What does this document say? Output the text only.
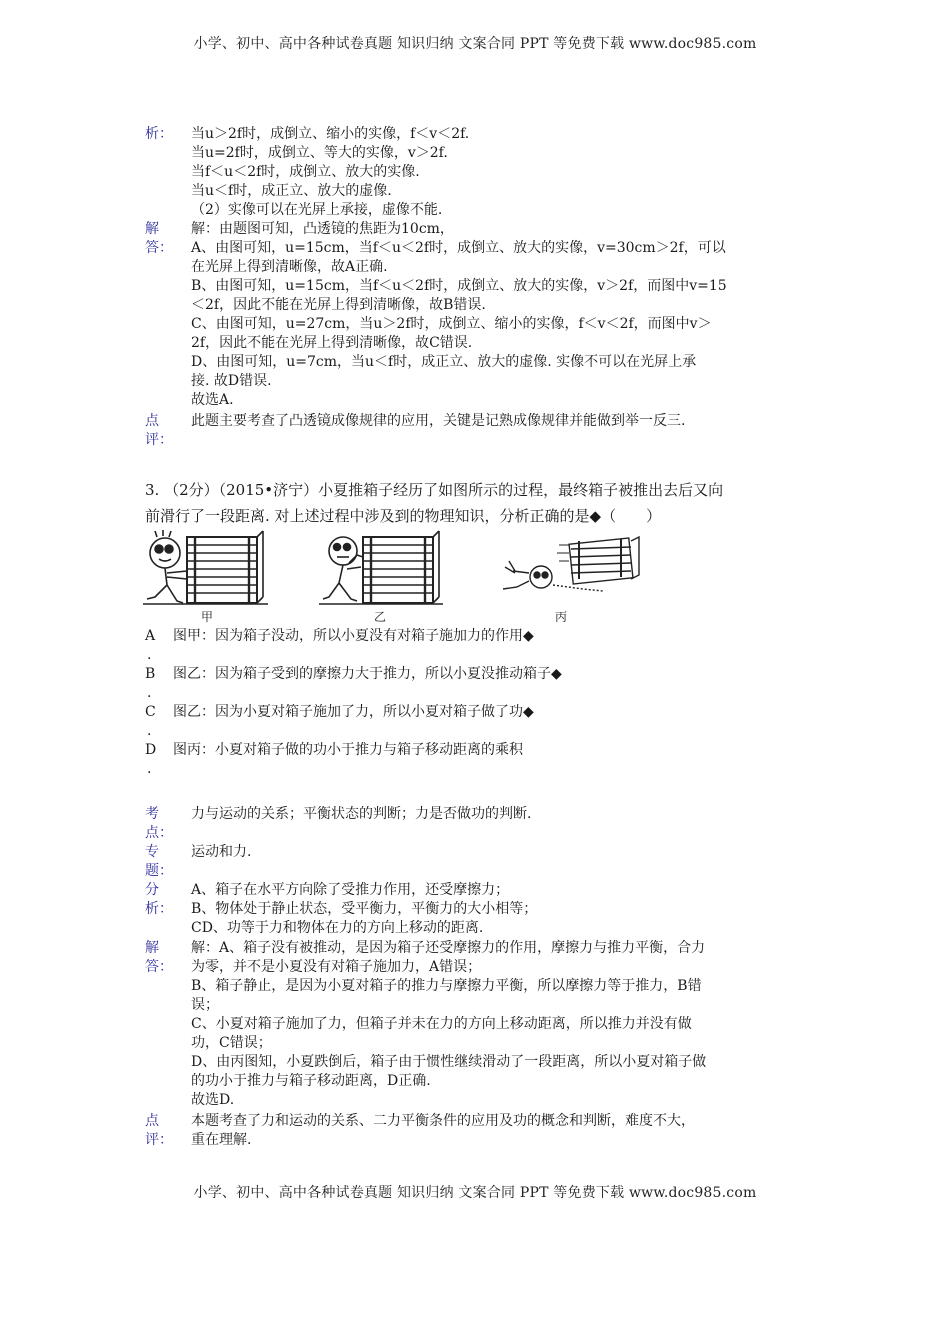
小学、初中、高中各种试卷真题 知识归纳 文案合同 PPT 等免费下载 www.doc985.com
析：	当u＞2f时，成倒立、缩小的实像，f＜v＜2f.

当u=2f时，成倒立、等大的实像，v＞2f.

当f＜u＜2f时，成倒立、放大的实像.

当u＜f时，成正立、放大的虚像.

（2）实像可以在光屏上承接，虚像不能.

解
答：

解：由题图可知，凸透镜的焦距为10cm，

A、由图可知，u=15cm，当f＜u＜2f时，成倒立、放大的实像，v=30cm＞2f，可以

在光屏上得到清晰像，故A正确.

B、由图可知，u=15cm，当f＜u＜2f时，成倒立、放大的实像，v＞2f，而图中v=15

＜2f，因此不能在光屏上得到清晰像，故B错误.

C、由图可知，u=27cm，当u＞2f时，成倒立、缩小的实像，f＜v＜2f，而图中v＞

2f，因此不能在光屏上得到清晰像，故C错误.

D、由图可知，u=7cm，当u＜f时，成正立、放大的虚像. 实像不可以在光屏上承

接. 故D错误.

故选A.

点
评：

此题主要考查了凸透镜成像规律的应用，关键是记熟成像规律并能做到举一反三.

3. （2分）（2015•济宁）小夏推箱子经历了如图所示的过程，最终箱子被推出去后又向

前滑行了一段距离. 对上述过程中涉及到的物理知识，分析正确的是◆（　　）

甲	乙	丙
A
.
图甲：因为箱子没动，所以小夏没有对箱子施加力的作用◆
B
.
图乙：因为箱子受到的摩擦力大于推力，所以小夏没推动箱子◆
C
.
图乙：因为小夏对箱子施加了力，所以小夏对箱子做了功◆
D
.
图丙：小夏对箱子做的功小于推力与箱子移动距离的乘积
考
点：

力与运动的关系；平衡状态的判断；力是否做功的判断.

专
题：

运动和力.

分
析：

A、箱子在水平方向除了受推力作用，还受摩擦力；

B、物体处于静止状态，受平衡力，平衡力的大小相等；

CD、功等于力和物体在力的方向上移动的距离.

解
答：

解：A、箱子没有被推动，是因为箱子还受摩擦力的作用，摩擦力与推力平衡，合力

为零，并不是小夏没有对箱子施加力，A错误；

B、箱子静止，是因为小夏对箱子的推力与摩擦力平衡，所以摩擦力等于推力，B错

误；

C、小夏对箱子施加了力，但箱子并未在力的方向上移动距离，所以推力并没有做

功，C错误；

D、由丙图知，小夏跌倒后，箱子由于惯性继续滑动了一段距离，所以小夏对箱子做

的功小于推力与箱子移动距离，D正确.

故选D.

点
评：

本题考查了力和运动的关系、二力平衡条件的应用及功的概念和判断，难度不大，

重在理解.

小学、初中、高中各种试卷真题 知识归纳 文案合同 PPT 等免费下载 www.doc985.com
